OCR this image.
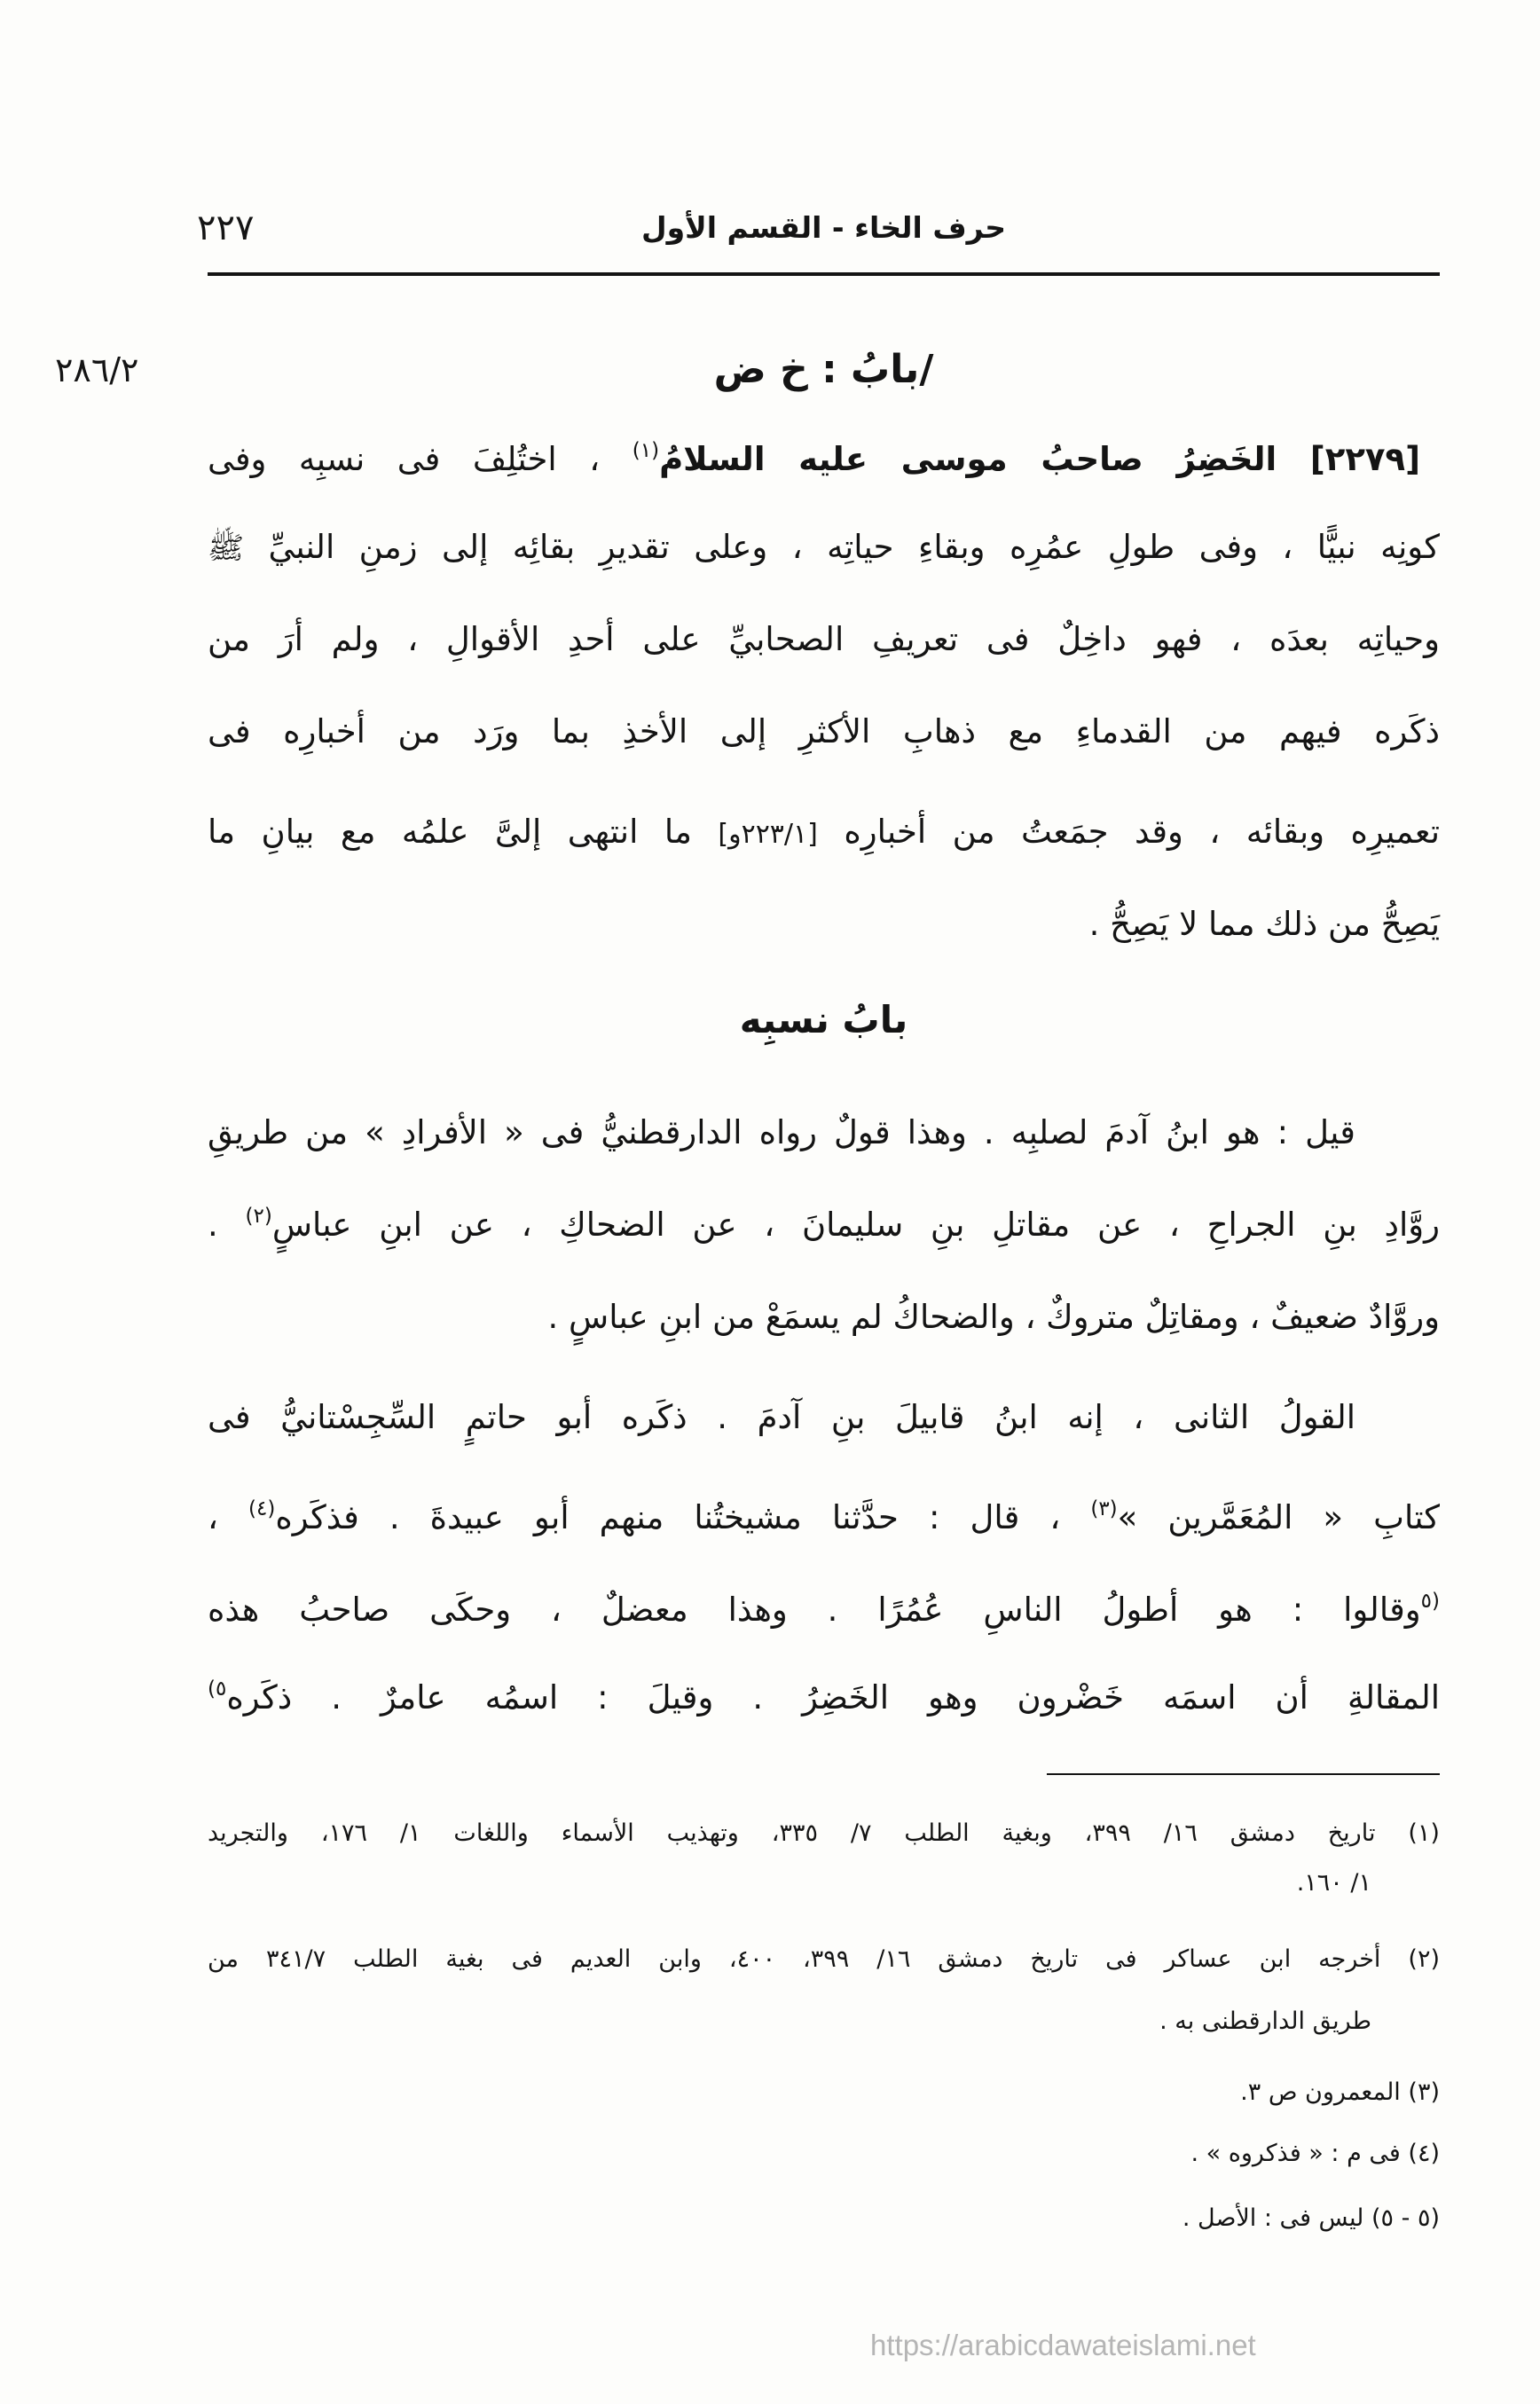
حرف الخاء - القسم الأول
٢٢٧
٢٨٦/٢	/بابُ : خ ض
[٢٢٧٩] الخَضِرُ صاحبُ موسى عليه السلامُ$^{(١)}$ ، اختُلِفَ فى نسبِه وفى
كونِه نبيًّا ، وفى طولِ عمُرِه وبقاءِ حياتِه ، وعلى تقديرِ بقائِه إلى زمنِ النبيِّ ﷺ
وحياتِه بعدَه ، فهو داخِلٌ فى تعريفِ الصحابيِّ على أحدِ الأقوالِ ، ولم أرَ من
ذكَره فيهم من القدماءِ مع ذهابِ الأكثرِ إلى الأخذِ بما ورَد من أخبارِه فى
تعميرِه وبقائه ، وقد جمَعتُ من أخبارِه [٢٢٣/١و] ما انتهى إلىَّ علمُه مع بيانِ ما
يَصِحُّ من ذلك مما لا يَصِحُّ .
بابُ نسبِه
قيل : هو ابنُ آدمَ لصلبِه . وهذا قولٌ رواه الدارقطنيُّ فى « الأفرادِ » من طريقِ
روَّادِ بنِ الجراحِ ، عن مقاتلِ بنِ سليمانَ ، عن الضحاكِ ، عن ابنِ عباسٍ$^{(٢)}$ .
وروَّادٌ ضعيفٌ ، ومقاتِلٌ متروكٌ ، والضحاكُ لم يسمَعْ من ابنِ عباسٍ .
القولُ الثانى ، إنه ابنُ قابيلَ بنِ آدمَ . ذكَره أبو حاتمٍ السِّجِسْتانيُّ فى
كتابِ « المُعَمَّرين »$^{(٣)}$ ، قال : حدَّثنا مشيختُنا منهم أبو عبيدةَ . فذكَره$^{(٤)}$ ،
$^{(٥}$وقالوا : هو أطولُ الناسِ عُمُرًا . وهذا معضلٌ ، وحكَى صاحبُ هذه
المقالةِ أن اسمَه خَضْرون وهو الخَضِرُ . وقيلَ : اسمُه عامرٌ . ذكَره$^{٥)}$
(١) تاريخ دمشق ١٦/ ٣٩٩، وبغية الطلب ٧/ ٣٣٥، وتهذيب الأسماء واللغات ١/ ١٧٦، والتجريد
١/ ١٦٠.
(٢) أخرجه ابن عساكر فى تاريخ دمشق ١٦/ ٣٩٩، ٤٠٠، وابن العديم فى بغية الطلب ٣٤١/٧ من
طريق الدارقطنى به .
(٣) المعمرون ص ٣.
(٤) فى م : « فذكروه » .
(٥ - ٥) ليس فى : الأصل .
https://arabicdawateislami.net
